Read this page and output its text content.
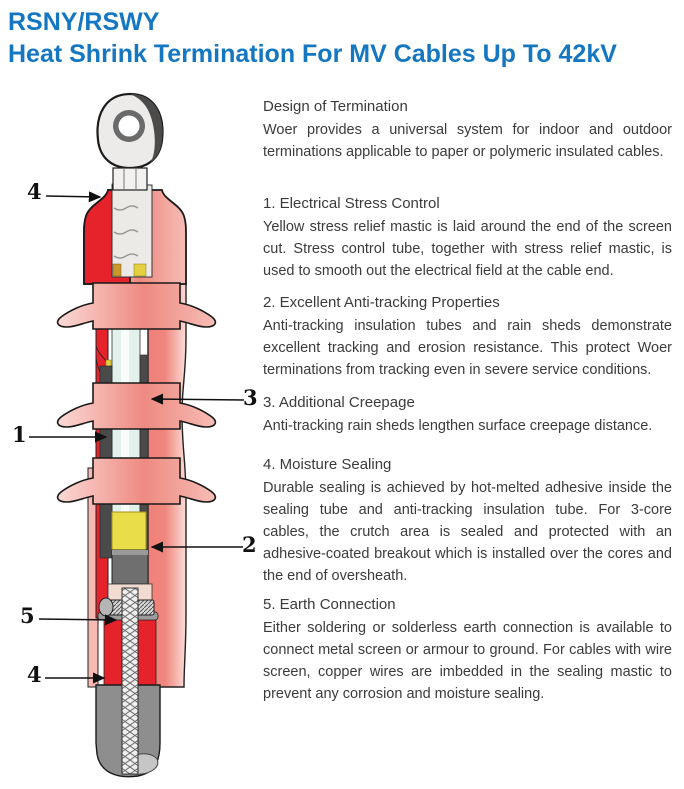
RSNY/RSWY
Heat Shrink Termination For MV Cables Up To 42kV
4
1
3
2
5
4
Design of Termination

Woer provides a universal system for indoor and outdoor terminations applicable to paper or polymeric insulated cables.

1. Electrical Stress Control

Yellow stress relief mastic is laid around the end of the screen cut. Stress control tube, together with stress relief mastic, is used to smooth out the electrical field at the cable end.

2. Excellent Anti-tracking Properties

Anti-tracking insulation tubes and rain sheds demonstrate excellent tracking and erosion resistance. This protect Woer terminations from tracking even in severe service conditions.

3. Additional Creepage

Anti-tracking rain sheds lengthen surface creepage distance.

4. Moisture Sealing

Durable sealing is achieved by hot-melted adhesive inside the sealing tube and anti-tracking insulation tube. For 3-core cables, the crutch area is sealed and protected with an adhesive-coated breakout which is installed over the cores and the end of oversheath.

5. Earth Connection

Either soldering or solderless earth connection is available to connect metal screen or armour to ground. For cables with wire screen, copper wires are imbedded in the sealing mastic to prevent any corrosion and moisture sealing.
